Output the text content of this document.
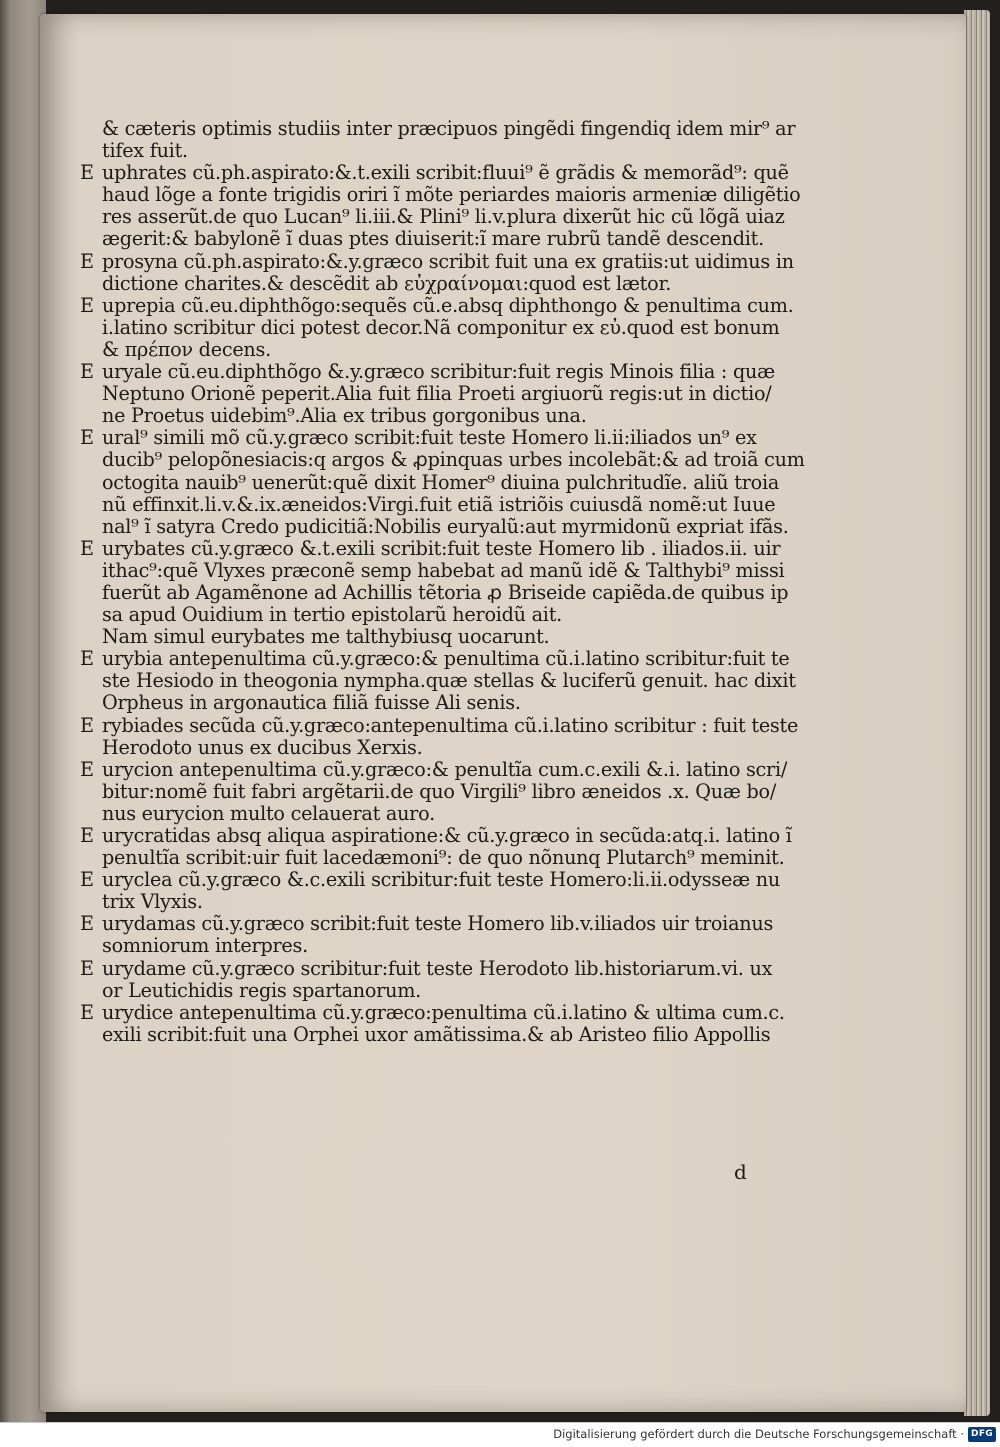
& cæteris optimis studiis inter præcipuos pingẽdi fingendiq idem mir⁹ ar
tifex fuit.
E uphrates cũ.ph.aspirato:&.t.exili scribit:fluui⁹ ẽ grãdis & memorãd⁹: quẽ
haud lõge a fonte trigidis oriri ĩ mõte periardes maioris armeniæ diligẽtio
res asserũt.de quo Lucan⁹ li.iii.& Plini⁹ li.v.plura dixerũt hic cũ lõgã uiaz
ægerit:& babylonẽ ĩ duas ptes diuiserit:ĩ mare rubrũ tandẽ descendit.
E prosyna cũ.ph.aspirato:&.y.græco scribit fuit una ex gratiis:ut uidimus in
dictione charites.& descẽdit ab εὐχραίνομαι:quod est lætor.
E uprepia cũ.eu.diphthõgo:sequẽs cũ.e.absq diphthongo & penultima cum.
i.latino scribitur dici potest decor.Nã componitur ex εὐ.quod est bonum
& πρέπον decens.
E uryale cũ.eu.diphthõgo &.y.græco scribitur:fuit regis Minois filia : quæ
Neptuno Orionẽ peperit.Alia fuit filia Proeti argiuorũ regis:ut in dictio/
ne Proetus uidebim⁹.Alia ex tribus gorgonibus una.
E ural⁹ simili mõ cũ.y.græco scribit:fuit teste Homero li.ii:iliados un⁹ ex
ducib⁹ pelopõnesiacis:q argos & ꝓpinquas urbes incolebãt:& ad troiã cum
octogita nauib⁹ uenerũt:quẽ dixit Homer⁹ diuina pulchritudĩe. aliũ troia
nũ effinxit.li.v.&.ix.æneidos:Virgi.fuit etiã istriõis cuiusdã nomẽ:ut Iuue
nal⁹ ĩ satyra Credo pudicitiã:Nobilis euryalũ:aut myrmidonũ expriat ifãs.
E urybates cũ.y.græco &.t.exili scribit:fuit teste Homero lib . iliados.ii. uir
ithac⁹:quẽ Vlyxes præconẽ semp habebat ad manũ idẽ & Talthybi⁹ missi
fuerũt ab Agamẽnone ad Achillis tẽtoria ꝓ Briseide capiẽda.de quibus ip
sa apud Ouidium in tertio epistolarũ heroidũ ait.
Nam simul eurybates me talthybiusq uocarunt.
E urybia antepenultima cũ.y.græco:& penultima cũ.i.latino scribitur:fuit te
ste Hesiodo in theogonia nympha.quæ stellas & luciferũ genuit. hac dixit
Orpheus in argonautica filiã fuisse Ali senis.
E rybiades secũda cũ.y.græco:antepenultima cũ.i.latino scribitur : fuit teste
Herodoto unus ex ducibus Xerxis.
E urycion antepenultima cũ.y.græco:& penultĩa cum.c.exili &.i. latino scri/
bitur:nomẽ fuit fabri argẽtarii.de quo Virgili⁹ libro æneidos .x. Quæ bo/
nus eurycion multo celauerat auro.
E urycratidas absq aliqua aspiratione:& cũ.y.græco in secũda:atq.i. latino ĩ
penultĩa scribit:uir fuit lacedæmoni⁹: de quo nõnunq Plutarch⁹ meminit.
E uryclea cũ.y.græco &.c.exili scribitur:fuit teste Homero:li.ii.odysseæ nu
trix Vlyxis.
E urydamas cũ.y.græco scribit:fuit teste Homero lib.v.iliados uir troianus
somniorum interpres.
E urydame cũ.y.græco scribitur:fuit teste Herodoto lib.historiarum.vi. ux
or Leutichidis regis spartanorum.
E urydice antepenultima cũ.y.græco:penultima cũ.i.latino & ultima cum.c.
exili scribit:fuit una Orphei uxor amãtissima.& ab Aristeo filio Appollis
d
Digitalisierung gefördert durch die Deutsche Forschungsgemeinschaft · DFG
